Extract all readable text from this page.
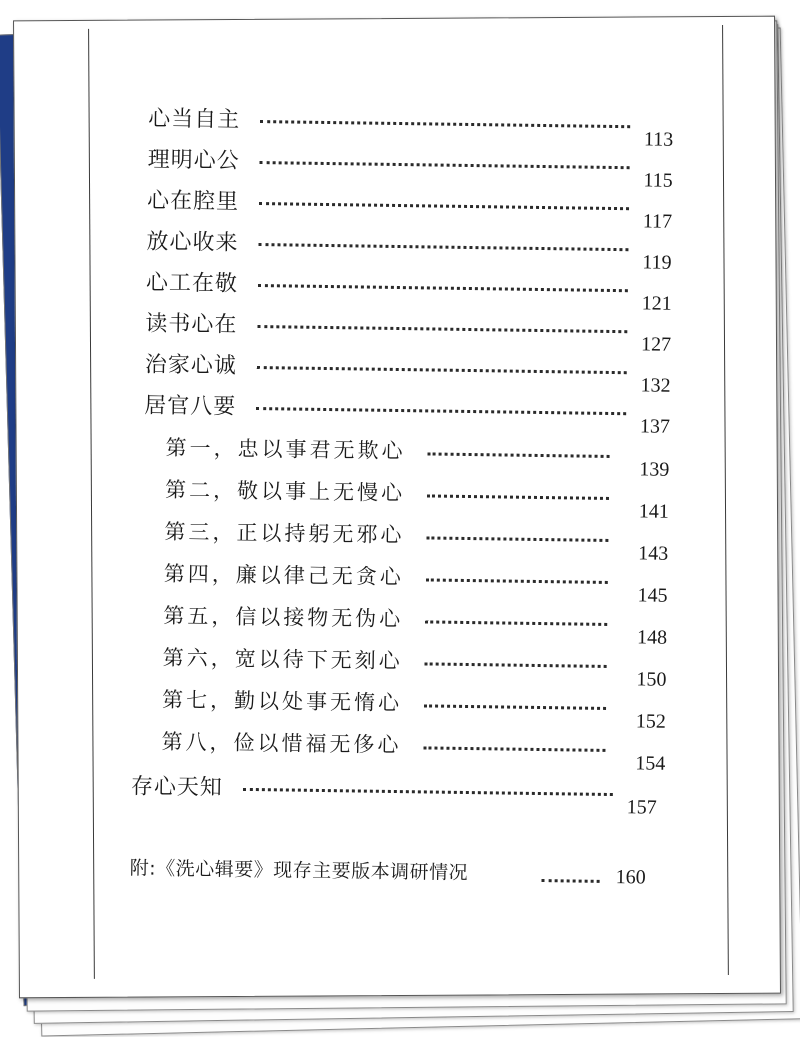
心当自主
113
理明心公
115
心在腔里
117
放心收来
119
心工在敬
121
读书心在
127
治家心诚
132
居官八要
137
第一，忠以事君无欺心
139
第二，敬以事上无慢心
141
第三，正以持躬无邪心
143
第四，廉以律己无贪心
145
第五，信以接物无伪心
148
第六，宽以待下无刻心
150
第七，勤以处事无惰心
152
第八，俭以惜福无侈心
154
存心天知
157
附:《洗心辑要》现存主要版本调研情况	160
